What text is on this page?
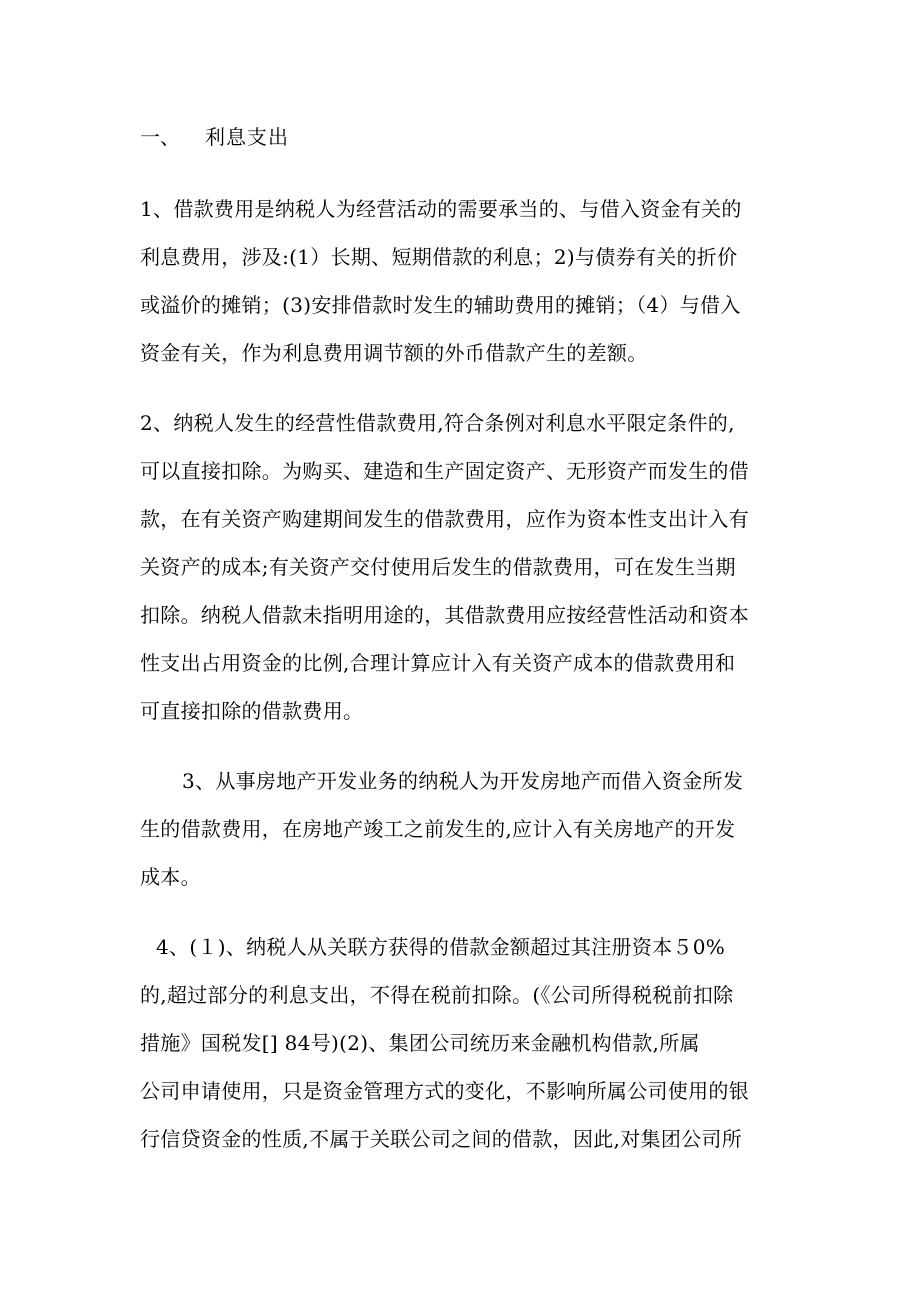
一、 利息支出
1、借款费用是纳税人为经营活动的需要承当的、与借入资金有关的
利息费用，涉及:(1）长期、短期借款的利息；2)与债券有关的折价
或溢价的摊销；(3)安排借款时发生的辅助费用的摊销；（4）与借入
资金有关，作为利息费用调节额的外币借款产生的差额。
2、纳税人发生的经营性借款费用,符合条例对利息水平限定条件的,
可以直接扣除。为购买、建造和生产固定资产、无形资产而发生的借
款，在有关资产购建期间发生的借款费用，应作为资本性支出计入有
关资产的成本;有关资产交付使用后发生的借款费用，可在发生当期
扣除。纳税人借款未指明用途的，其借款费用应按经营性活动和资本
性支出占用资金的比例,合理计算应计入有关资产成本的借款费用和
可直接扣除的借款费用。
3、从事房地产开发业务的纳税人为开发房地产而借入资金所发
生的借款费用，在房地产竣工之前发生的,应计入有关房地产的开发
成本。
4、(１)、纳税人从关联方获得的借款金额超过其注册资本５0%
的,超过部分的利息支出，不得在税前扣除。(《公司所得税税前扣除
措施》国税发[] 84号)(2)、集团公司统历来金融机构借款,所属
公司申请使用，只是资金管理方式的变化，不影响所属公司使用的银
行信贷资金的性质,不属于关联公司之间的借款，因此,对集团公司所
